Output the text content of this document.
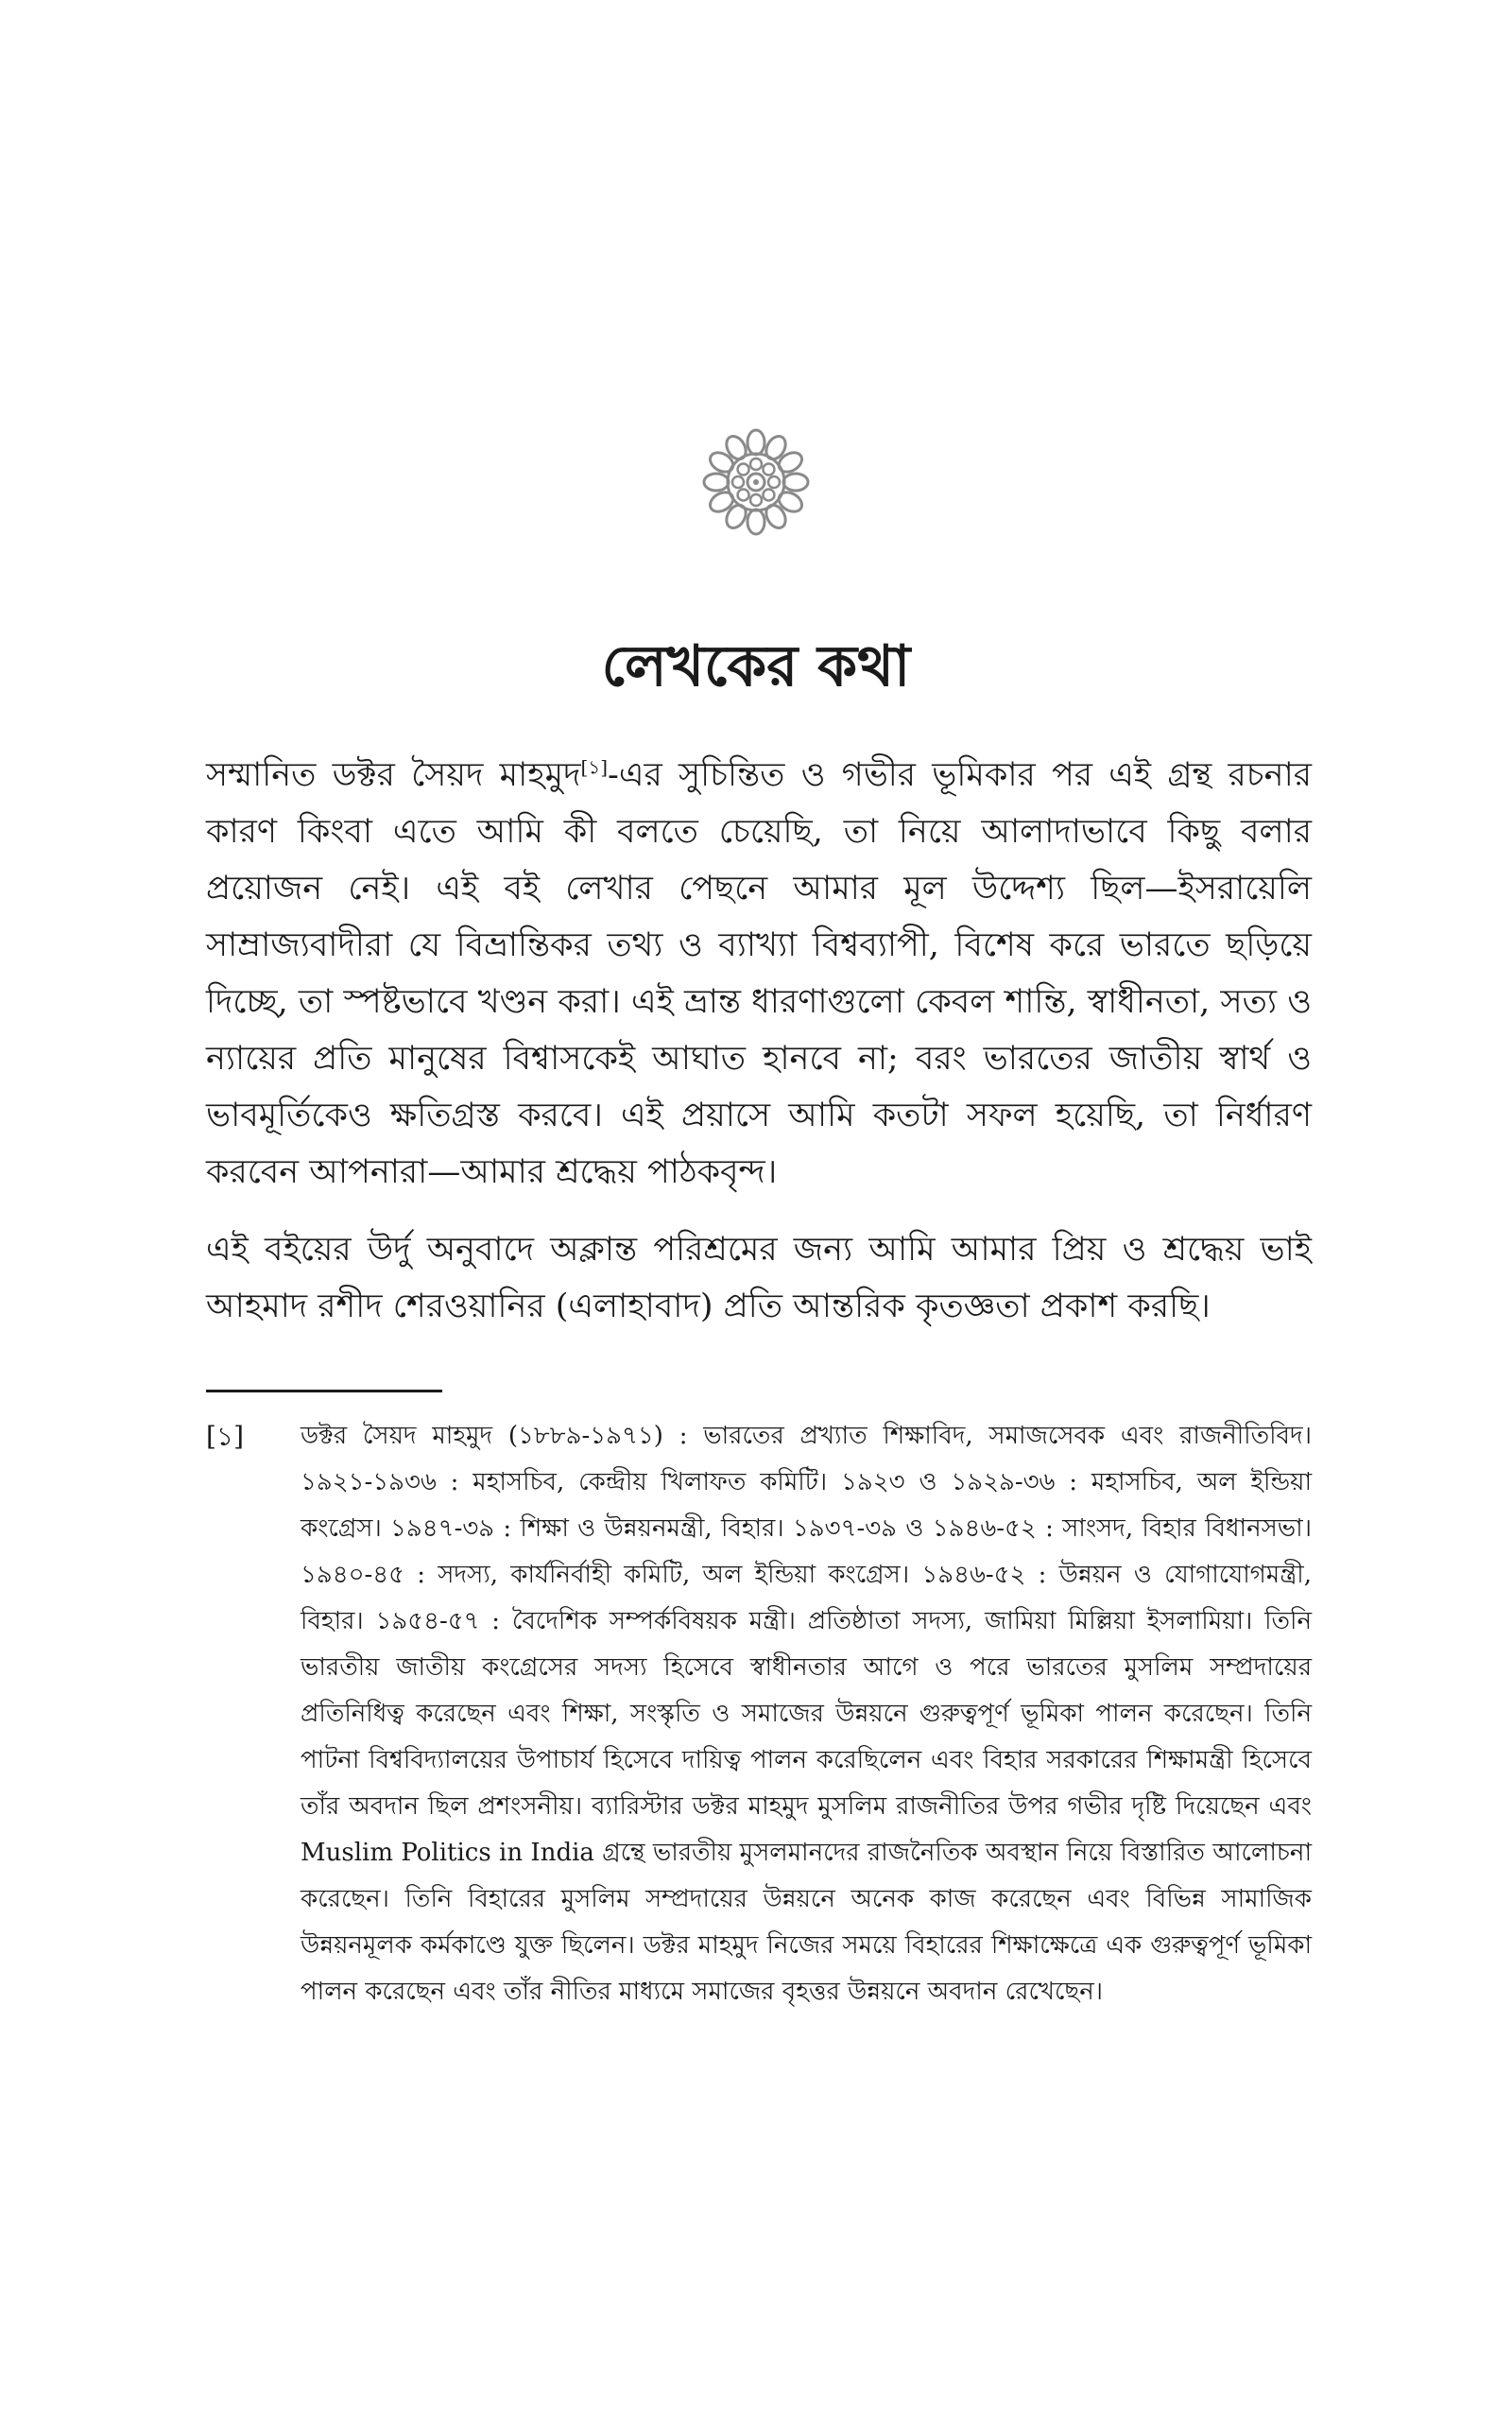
লেখকের কথা

সম্মানিত ডক্টর সৈয়দ মাহমুদ[১]-এর সুচিন্তিত ও গভীর ভূমিকার পর এই গ্রন্থ রচনার কারণ কিংবা এতে আমি কী বলতে চেয়েছি, তা নিয়ে আলাদাভাবে কিছু বলার প্রয়োজন নেই। এই বই লেখার পেছনে আমার মূল উদ্দেশ্য ছিল—ইসরায়েলি সাম্রাজ্যবাদীরা যে বিভ্রান্তিকর তথ্য ও ব্যাখ্যা বিশ্বব্যাপী, বিশেষ করে ভারতে ছড়িয়ে দিচ্ছে, তা স্পষ্টভাবে খণ্ডন করা। এই ভ্রান্ত ধারণাগুলো কেবল শান্তি, স্বাধীনতা, সত্য ও ন্যায়ের প্রতি মানুষের বিশ্বাসকেই আঘাত হানবে না; বরং ভারতের জাতীয় স্বার্থ ও ভাবমূর্তিকেও ক্ষতিগ্রস্ত করবে। এই প্রয়াসে আমি কতটা সফল হয়েছি, তা নির্ধারণ করবেন আপনারা—আমার শ্রদ্ধেয় পাঠকবৃন্দ।

এই বইয়ের উর্দু অনুবাদে অক্লান্ত পরিশ্রমের জন্য আমি আমার প্রিয় ও শ্রদ্ধেয় ভাই আহমাদ রশীদ শেরওয়ানির (এলাহাবাদ) প্রতি আন্তরিক কৃতজ্ঞতা প্রকাশ করছি।

[১] ডক্টর সৈয়দ মাহমুদ (১৮৮৯-১৯৭১) : ভারতের প্রখ্যাত শিক্ষাবিদ, সমাজসেবক এবং রাজনীতিবিদ। ১৯২১-১৯৩৬ : মহাসচিব, কেন্দ্রীয় খিলাফত কমিটি। ১৯২৩ ও ১৯২৯-৩৬ : মহাসচিব, অল ইন্ডিয়া কংগ্রেস। ১৯৪৭-৩৯ : শিক্ষা ও উন্নয়নমন্ত্রী, বিহার। ১৯৩৭-৩৯ ও ১৯৪৬-৫২ : সাংসদ, বিহার বিধানসভা। ১৯৪০-৪৫ : সদস্য, কার্যনির্বাহী কমিটি, অল ইন্ডিয়া কংগ্রেস। ১৯৪৬-৫২ : উন্নয়ন ও যোগাযোগমন্ত্রী, বিহার। ১৯৫৪-৫৭ : বৈদেশিক সম্পর্কবিষয়ক মন্ত্রী। প্রতিষ্ঠাতা সদস্য, জামিয়া মিল্লিয়া ইসলামিয়া। তিনি ভারতীয় জাতীয় কংগ্রেসের সদস্য হিসেবে স্বাধীনতার আগে ও পরে ভারতের মুসলিম সম্প্রদায়ের প্রতিনিধিত্ব করেছেন এবং শিক্ষা, সংস্কৃতি ও সমাজের উন্নয়নে গুরুত্বপূর্ণ ভূমিকা পালন করেছেন। তিনি পাটনা বিশ্ববিদ্যালয়ের উপাচার্য হিসেবে দায়িত্ব পালন করেছিলেন এবং বিহার সরকারের শিক্ষামন্ত্রী হিসেবে তাঁর অবদান ছিল প্রশংসনীয়। ব্যারিস্টার ডক্টর মাহমুদ মুসলিম রাজনীতির উপর গভীর দৃষ্টি দিয়েছেন এবং Muslim Politics in India গ্রন্থে ভারতীয় মুসলমানদের রাজনৈতিক অবস্থান নিয়ে বিস্তারিত আলোচনা করেছেন। তিনি বিহারের মুসলিম সম্প্রদায়ের উন্নয়নে অনেক কাজ করেছেন এবং বিভিন্ন সামাজিক উন্নয়নমূলক কর্মকাণ্ডে যুক্ত ছিলেন। ডক্টর মাহমুদ নিজের সময়ে বিহারের শিক্ষাক্ষেত্রে এক গুরুত্বপূর্ণ ভূমিকা পালন করেছেন এবং তাঁর নীতির মাধ্যমে সমাজের বৃহত্তর উন্নয়নে অবদান রেখেছেন।
